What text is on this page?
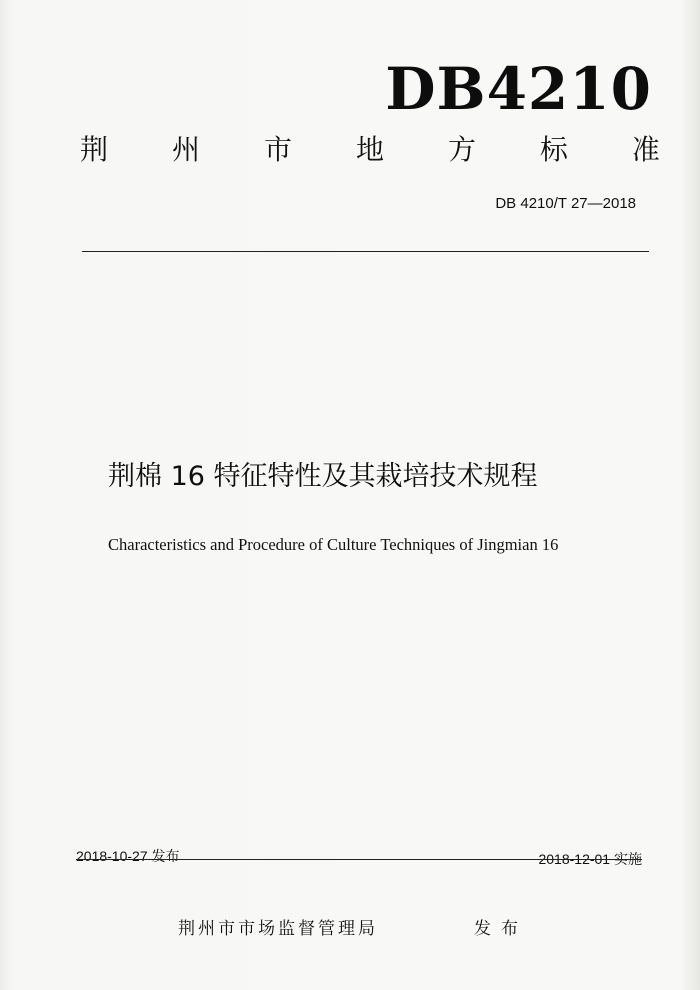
DB4210
荆 州 市 地 方 标 准
DB 4210/T 27—2018
荆棉 16 特征特性及其栽培技术规程
Characteristics and Procedure of Culture Techniques of Jingmian 16
2018-10-27 发布	2018-12-01 实施
荆州市市场监督管理局	发布
